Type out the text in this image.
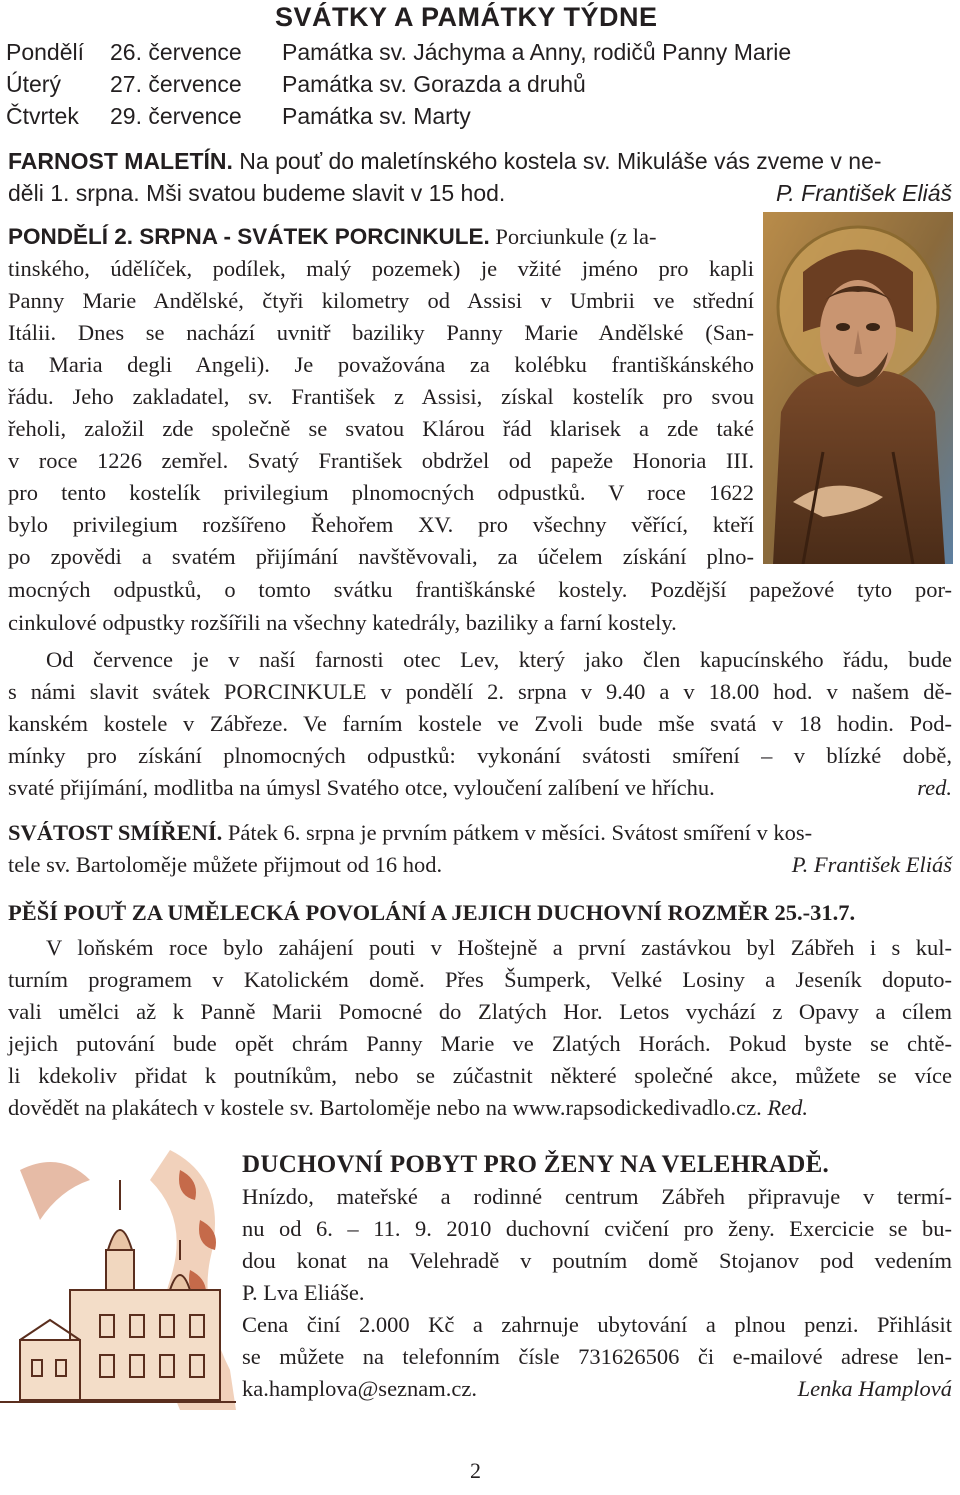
SVÁTKY A PAMÁTKY TÝDNE
Pondělí 26. července Památka sv. Jáchyma a Anny, rodičů Panny Marie
Úterý 27. července Památka sv. Gorazda a druhů
Čtvrtek 29. července Památka sv. Marty
FARNOST MALETÍN. Na pouť do maletínského kostela sv. Mikuláše vás zveme v ne-
děli 1. srpna. Mši svatou budeme slavit v 15 hod.	P. František Eliáš
PONDĚLÍ 2. SRPNA - SVÁTEK PORCINKULE. Porciunkule (z la-
tinského, údělíček, podílek, malý pozemek) je vžité jméno pro kapli
Panny Marie Andělské, čtyři kilometry od Assisi v Umbrii ve střední
Itálii. Dnes se nachází uvnitř baziliky Panny Marie Andělské (San-
ta Maria degli Angeli). Je považována za kolébku františkánského
řádu. Jeho zakladatel, sv. František z Assisi, získal kostelík pro svou
řeholi, založil zde společně se svatou Klárou řád klarisek a zde také
v roce 1226 zemřel. Svatý František obdržel od papeže Honoria III.
pro tento kostelík privilegium plnomocných odpustků. V roce 1622
bylo privilegium rozšířeno Řehořem XV. pro všechny věřící, kteří
po zpovědi a svatém přijímání navštěvovali, za účelem získání plno-
mocných odpustků, o tomto svátku františkánské kostely. Pozdější papežové tyto por-
cinkulové odpustky rozšířili na všechny katedrály, baziliky a farní kostely.
Od července je v naší farnosti otec Lev, který jako člen kapucínského řádu, bude
s námi slavit svátek PORCINKULE v pondělí 2. srpna v 9.40 a v 18.00 hod. v našem dě-
kanském kostele v Zábřeze. Ve farním kostele ve Zvoli bude mše svatá v 18 hodin. Pod-
mínky pro získání plnomocných odpustků: vykonání svátosti smíření – v blízké době,
svaté přijímání, modlitba na úmysl Svatého otce, vyloučení zalíbení ve hříchu.	red.
SVÁTOST SMÍŘENÍ. Pátek 6. srpna je prvním pátkem v měsíci. Svátost smíření v kos-
tele sv. Bartoloměje můžete přijmout od 16 hod.	P. František Eliáš
PĚŠÍ POUŤ ZA UMĚLECKÁ POVOLÁNÍ A JEJICH DUCHOVNÍ ROZMĚR 25.-31.7.
V loňském roce bylo zahájení pouti v Hoštejně a první zastávkou byl Zábřeh i s kul-
turním programem v Katolickém domě. Přes Šumperk, Velké Losiny a Jeseník doputo-
vali umělci až k Panně Marii Pomocné do Zlatých Hor. Letos vychází z Opavy a cílem
jejich putování bude opět chrám Panny Marie ve Zlatých Horách. Pokud byste se chtě-
li kdekoliv přidat k poutníkům, nebo se zúčastnit některé společné akce, můžete se více
dovědět na plakátech v kostele sv. Bartoloměje nebo na www.rapsodickedivadlo.cz. Red.
DUCHOVNÍ POBYT PRO ŽENY NA VELEHRADĚ.
Hnízdo, mateřské a rodinné centrum Zábřeh připravuje v termí-
nu od 6. – 11. 9. 2010 duchovní cvičení pro ženy. Exercicie se bu-
dou konat na Velehradě v poutním domě Stojanov pod vedením
P. Lva Eliáše.
Cena činí 2.000 Kč a zahrnuje ubytování a plnou penzi. Přihlásit
se můžete na telefonním čísle 731626506 či e-mailové adrese len-
ka.hamplova@seznam.cz.	Lenka Hamplová
2
